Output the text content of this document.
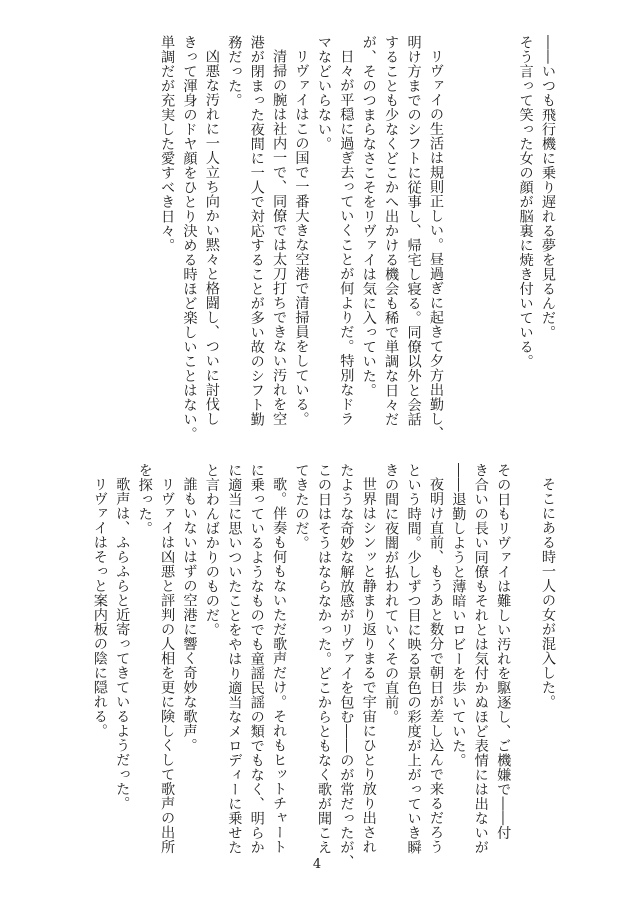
――いつも飛行機に乗り遅れる夢を見るんだ。
そう言って笑った女の顔が脳裏に焼き付いている。

リヴァイの生活は規則正しい。昼過ぎに起きて夕方出勤し、
明け方までのシフトに従事し、帰宅し寝る。同僚以外と会話
することも少なくどこかへ出かける機会も稀で単調な日々だ
が、そのつまらなさこそをリヴァイは気に入っていた。
日々が平穏に過ぎ去っていくことが何よりだ。特別なドラ
マなどいらない。
リヴァイはこの国で一番大きな空港で清掃員をしている。
清掃の腕は社内一で、同僚では太刀打ちできない汚れを空
港が閉まった夜間に一人で対応することが多い故のシフト勤
務だった。
凶悪な汚れに一人立ち向かい黙々と格闘し、ついに討伐し
きって渾身のドヤ顔をひとり決める時ほど楽しいことはない。
単調だが充実した愛すべき日々。
そこにある時一人の女が混入した。

その日もリヴァイは難しい汚れを駆逐し、ご機嫌で――付
き合いの長い同僚もそれとは気付かぬほど表情には出ないが
――退勤しようと薄暗いロビーを歩いていた。
夜明け直前、もうあと数分で朝日が差し込んで来るだろう
という時間。少しずつ目に映る景色の彩度が上がっていき瞬
きの間に夜闇が払われていくその直前。
世界はシンッと静まり返りまるで宇宙にひとり放り出され
たような奇妙な解放感がリヴァイを包む――のが常だったが、
この日はそうはならなかった。どこからともなく歌が聞こえ
てきたのだ。
歌。伴奏も何もないただ歌声だけ。それもヒットチャート
に乗っているようなものでも童謡民謡の類でもなく、明らか
に適当に思いついたことをやはり適当なメロディーに乗せた
と言わんばかりのものだ。
誰もいないはずの空港に響く奇妙な歌声。
リヴァイは凶悪と評判の人相を更に険しくして歌声の出所
を探った。
歌声は、ふらふらと近寄ってきているようだった。
リヴァイはそっと案内板の陰に隠れる。
4
